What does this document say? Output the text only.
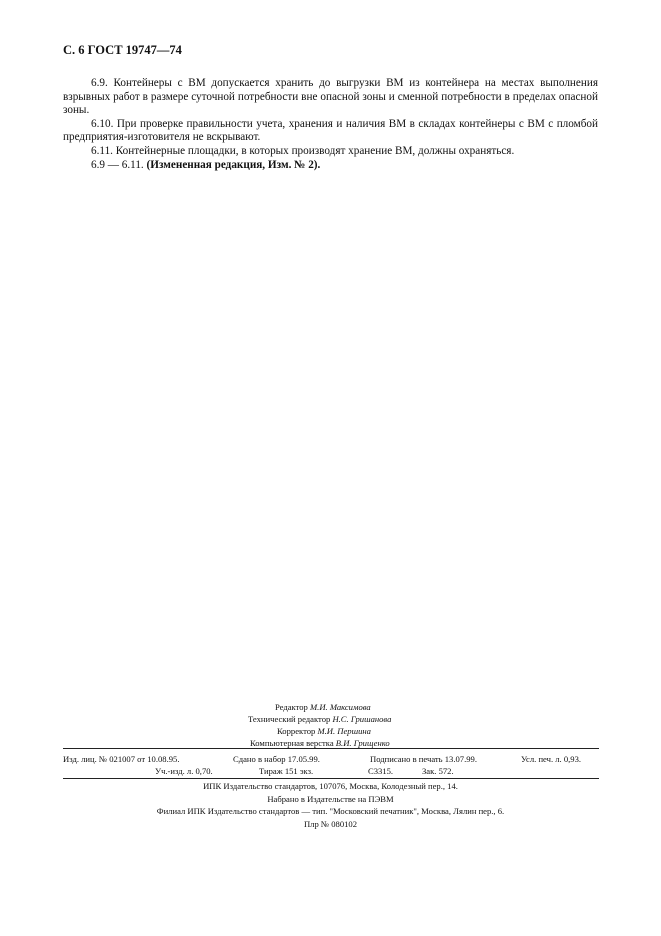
С. 6 ГОСТ 19747—74

6.9. Контейнеры с ВМ допускается хранить до выгрузки ВМ из контейнера на местах выполнения взрывных работ в размере суточной потребности вне опасной зоны и сменной потребности в пределах опасной зоны.

6.10. При проверке правильности учета, хранения и наличия ВМ в складах контейнеры с ВМ с пломбой предприятия-изготовителя не вскрывают.

6.11. Контейнерные площадки, в которых производят хранение ВМ, должны охраняться.

6.9 — 6.11. (Измененная редакция, Изм. № 2).

Редактор М.И. Максимова
Технический редактор Н.С. Гришанова
Корректор М.И. Першина
Компьютерная верстка В.И. Грищенко
Изд. лиц. № 021007 от 10.08.95.	Сдано в набор 17.05.99.	Подписано в печать 13.07.99.	Усл. печ. л. 0,93.
Уч.-изд. л. 0,70.	Тираж 151 экз.	С3315.	Зак. 572.
ИПК Издательство стандартов, 107076, Москва, Колодезный пер., 14.
Набрано в Издательстве на ПЭВМ
Филиал ИПК Издательство стандартов — тип. "Московский печатник", Москва, Лялин пер., 6.
Плр № 080102
